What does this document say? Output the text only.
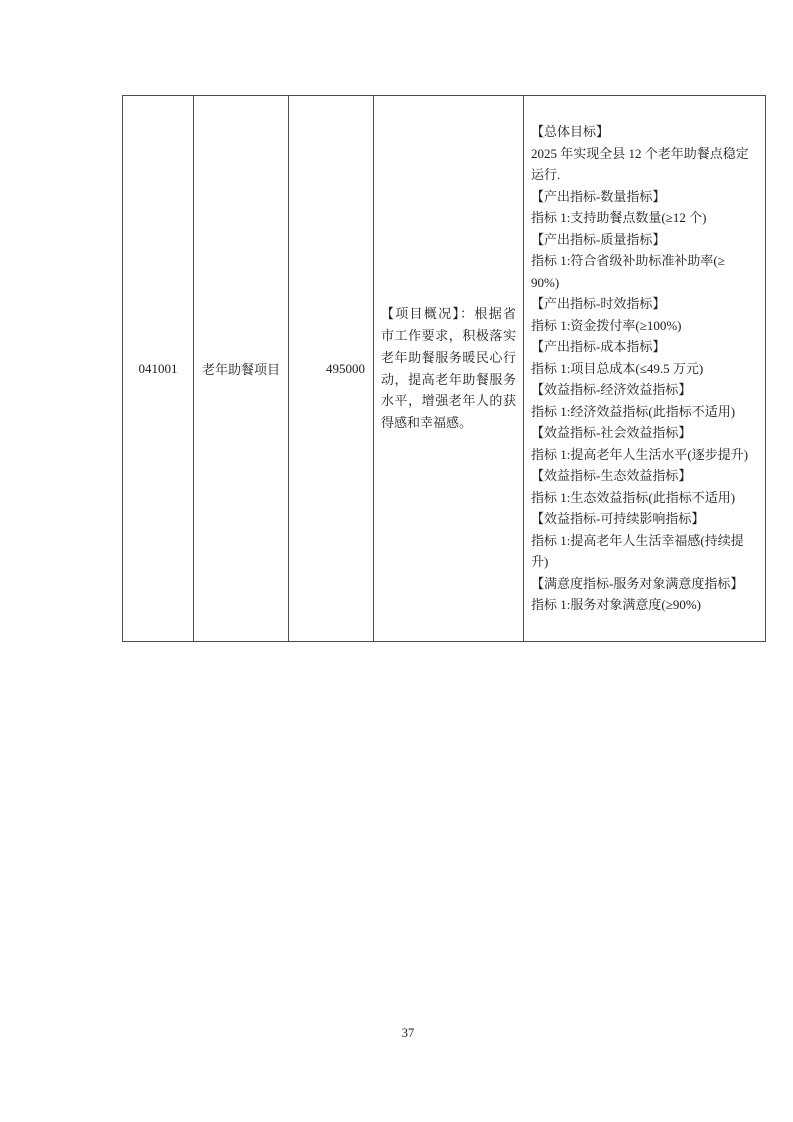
041001 老年助餐项目	495000
【项目概况】：根据省
市工作要求，积极落实
老年助餐服务暖民心行
动，提高老年助餐服务
水平，增强老年人的获
得感和幸福感。
【总体目标】
2025 年实现全县 12 个老年助餐点稳定
运行.
【产出指标-数量指标】
指标 1:支持助餐点数量(≥12 个)
【产出指标-质量指标】
指标 1:符合省级补助标准补助率(≥
90%)
【产出指标-时效指标】
指标 1:资金拨付率(≥100%)
【产出指标-成本指标】
指标 1:项目总成本(≤49.5 万元)
【效益指标-经济效益指标】
指标 1:经济效益指标(此指标不适用)
【效益指标-社会效益指标】
指标 1:提高老年人生活水平(逐步提升)
【效益指标-生态效益指标】
指标 1:生态效益指标(此指标不适用)
【效益指标-可持续影响指标】
指标 1:提高老年人生活幸福感(持续提
升)
【满意度指标-服务对象满意度指标】
指标 1:服务对象满意度(≥90%)
37
